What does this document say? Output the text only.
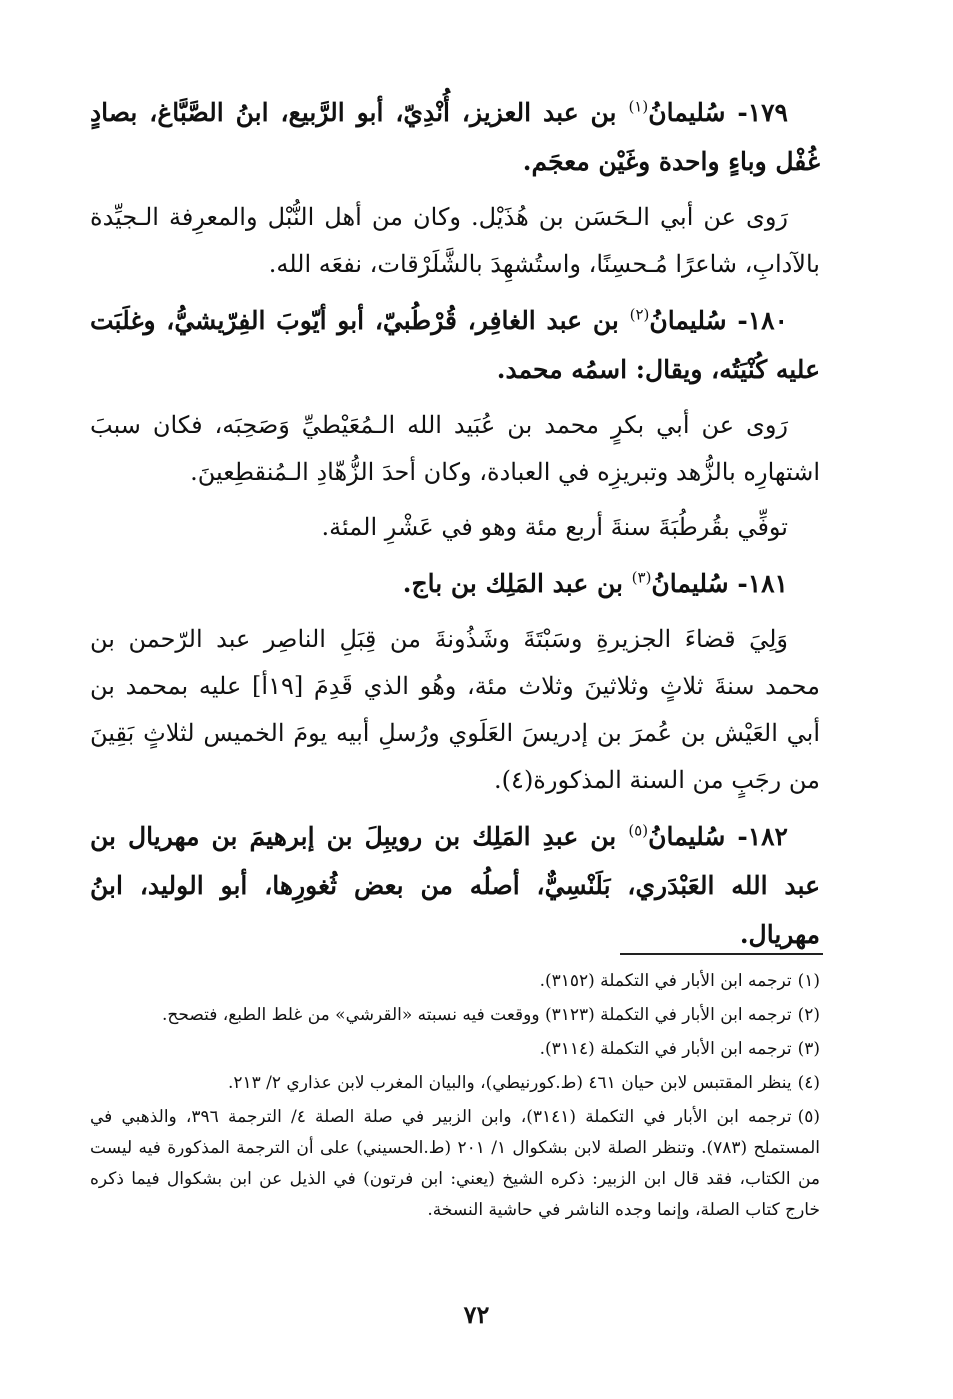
١٧٩- سُليمانُ$^{(١)}$ بن عبد العزيز، أُنْدِيّ، أبو الرَّبيع، ابنُ الصَّبَّاغ، بصادٍ غُفْل وباءٍ واحدة وغَيْن معجَم.

رَوى عن أبي الـحَسَن بن هُذَيْل. وكان من أهل النُّبْل والمعرِفة الـجيِّدة بالآدابِ، شاعرًا مُـحسِنًا، واستُشهِدَ بالشَّلَرْقات، نفعَه الله.

١٨٠- سُليمانُ$^{(٢)}$ بن عبد الغافِر، قُرْطُبيّ، أبو أيّوبَ الفِرّيشيُّ، وغلَبَت عليه كُنْيَتُه، ويقال: اسمُه محمد.

رَوى عن أبي بكرٍ محمد بن عُبَيد الله الـمُعَيْطيِّ وَصَحِبَه، فكان سببَ اشتهارِه بالزُّهد وتبريزِه في العبادة، وكان أحدَ الزُّهّادِ الـمُنقطِعينَ.

توفِّي بقُرطُبَةَ سنةَ أربع مئة وهو في عَشْرِ المئة.

١٨١- سُليمانُ$^{(٣)}$ بن عبد المَلِك بن باج.

وَلِيَ قضاءَ الجزيرةِ وسَبْتَةَ وشَذُونةَ من قِبَلِ الناصِر عبد الرّحمن بن محمد سنةَ ثلاثٍ وثلاثينَ وثلاث مئة، وهُو الذي قَدِمَ [١٩أ] عليه بمحمد بن أبي العَيْش بن عُمرَ بن إدريسَ العَلَوي ورُسلِ أبيه يومَ الخميس لثلاثٍ بَقِينَ من رجَبٍ من السنة المذكورة(٤).

١٨٢- سُليمانُ$^{(٥)}$ بن عبدِ المَلِك بن رويبِلَ بن إبرهيمَ بن مهريال بن عبد الله العَبْدَري، بَلَنْسِيٌّ، أصلُه من بعض ثُغورِها، أبو الوليد، ابنُ مهريال.

(١)ترجمه ابن الأبار في التكملة (٣١٥٢).

(٢)ترجمه ابن الأبار في التكملة (٣١٢٣) ووقعت فيه نسبته «القرشي» من غلط الطبع، فتصحح.

(٣)ترجمه ابن الأبار في التكملة (٣١١٤).

(٤)ينظر المقتبس لابن حيان ٤٦١ (ط.كورنيطي)، والبيان المغرب لابن عذاري ٢/ ٢١٣.

(٥)ترجمه ابن الأبار في التكملة (٣١٤١)، وابن الزبير في صلة الصلة ٤/ الترجمة ٣٩٦، والذهبي في المستملح (٧٨٣). وتنظر الصلة لابن بشكوال ١/ ٢٠١ (ط.الحسيني) على أن الترجمة المذكورة فيه ليست من الكتاب، فقد قال ابن الزبير: ذكره الشيخ (يعني: ابن فرتون) في الذيل عن ابن بشكوال فيما ذكره خارج كتاب الصلة، وإنما وجده الناشر في حاشية النسخة.

٧٢
